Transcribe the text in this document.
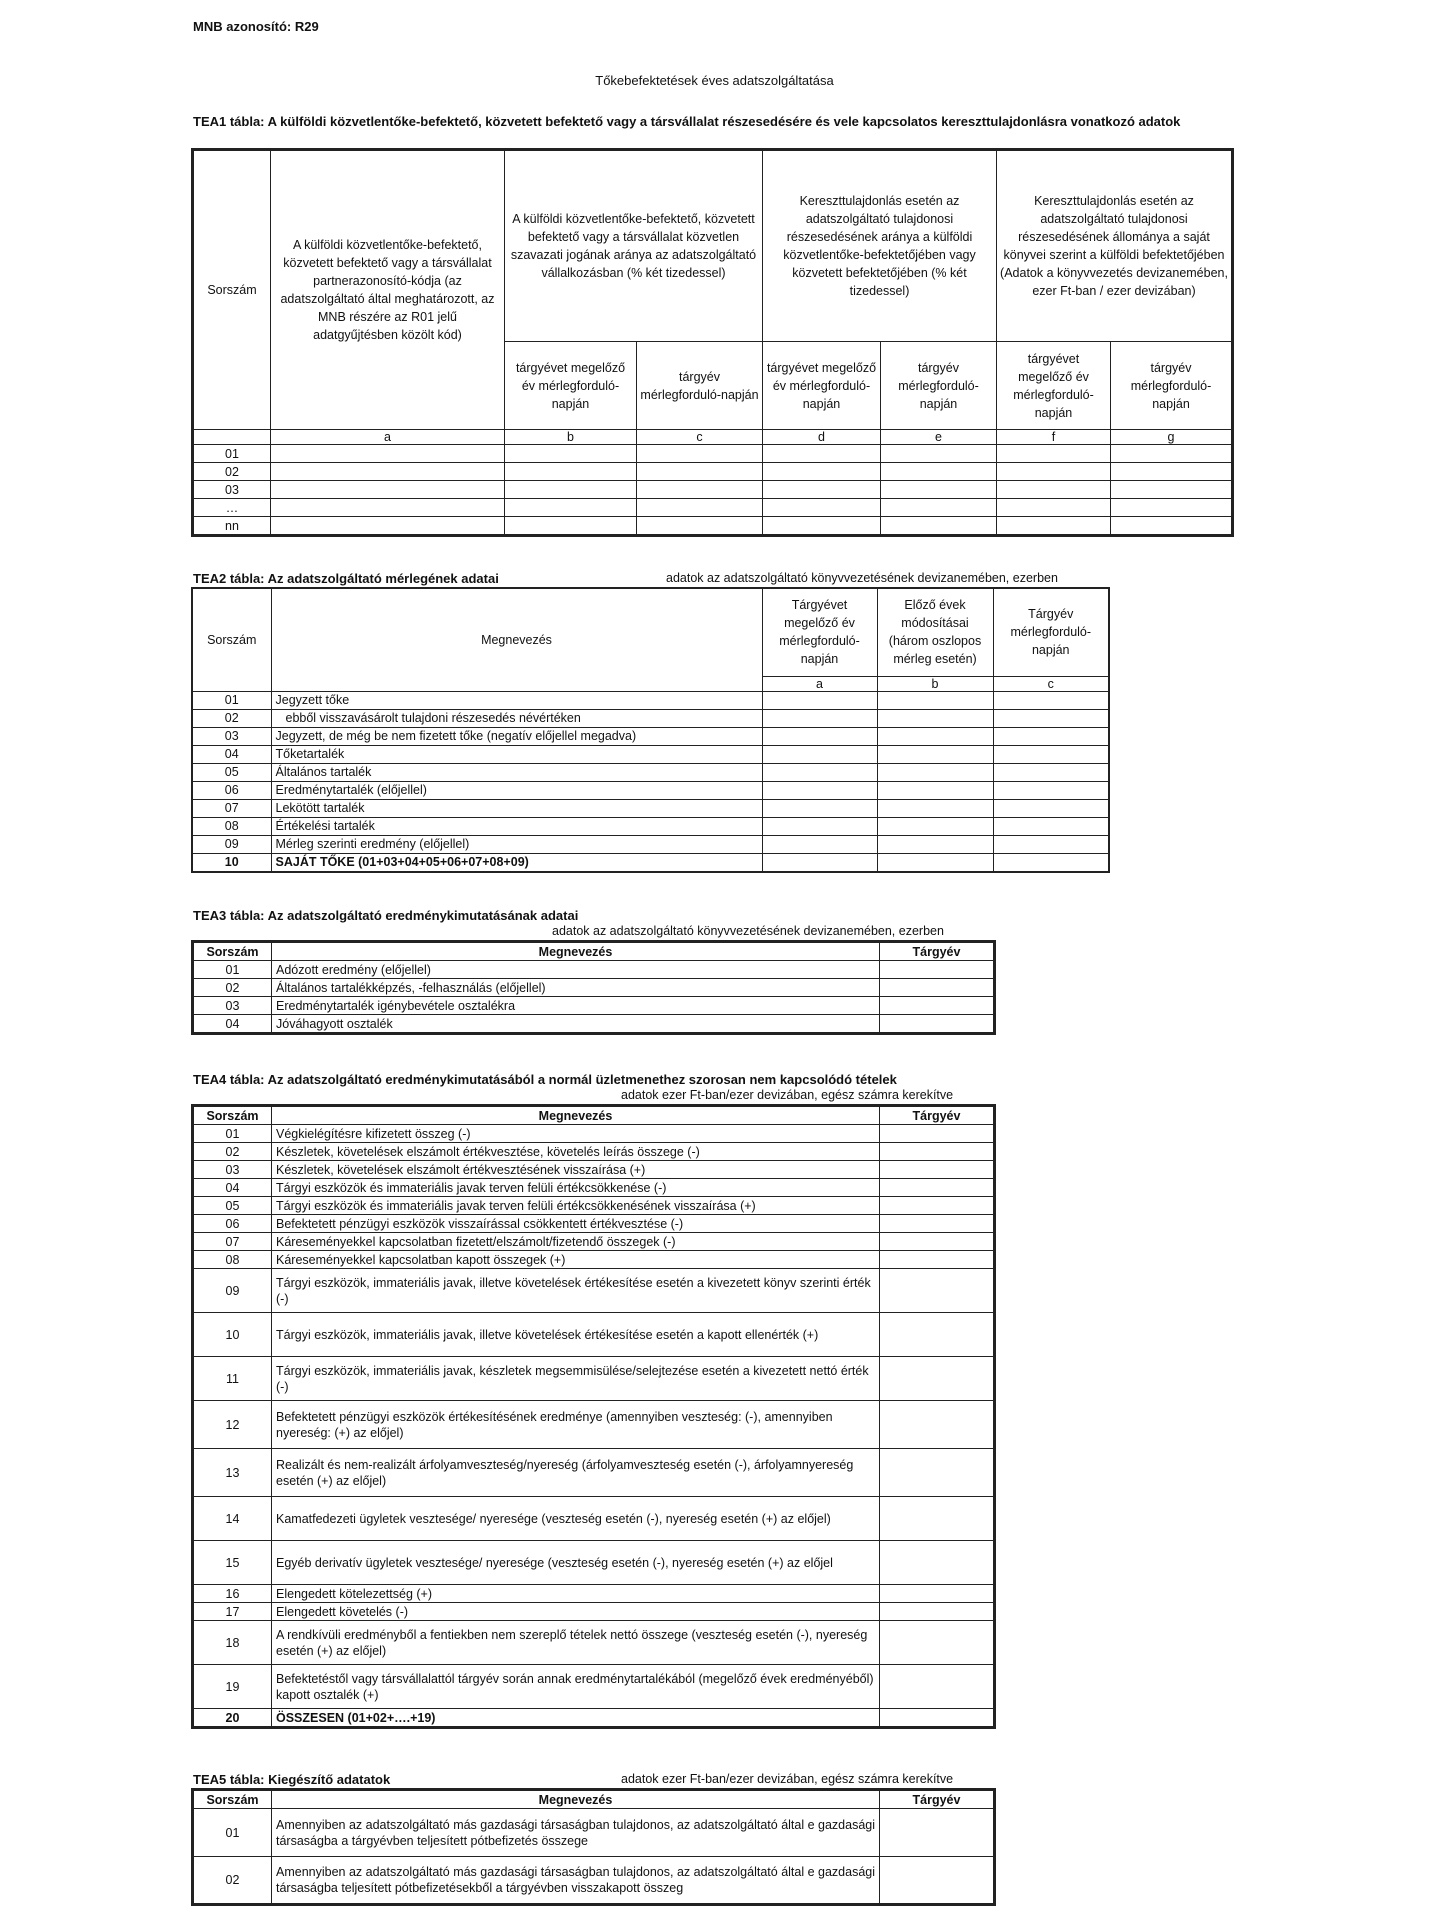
MNB azonosító: R29
Tőkebefektetések éves adatszolgáltatása
TEA1 tábla: A külföldi közvetlentőke-befektető, közvetett befektető vagy a társvállalat részesedésére és vele kapcsolatos kereszttulajdonlásra vonatkozó adatok
Sorszám	A külföldi közvetlentőke-befektető, közvetett befektető vagy a társvállalat partnerazonosító-kódja (az adatszolgáltató által meghatározott, az MNB részére az R01 jelű adatgyűjtésben közölt kód)	A külföldi közvetlentőke-befektető, közvetett befektető vagy a társvállalat közvetlen szavazati jogának aránya az adatszolgáltató vállalkozásban (% két tizedessel)		Kereszttulajdonlás esetén az adatszolgáltató tulajdonosi részesedésének aránya a külföldi közvetlentőke-befektetőjében vagy közvetett befektetőjében (% két tizedessel)		Kereszttulajdonlás esetén az adatszolgáltató tulajdonosi részesedésének állománya a saját könyvei szerint a külföldi befektetőjében (Adatok a könyvvezetés devizanemében, ezer Ft-ban / ezer devizában)	
		tárgyévet megelőző év mérlegforduló-napján	tárgyév mérlegforduló-napján	tárgyévet megelőző év mérlegforduló-napján	tárgyév mérlegforduló-napján	tárgyévet megelőző év mérlegforduló-napján	tárgyév mérlegforduló-napján
	a	b	c	d	e	f	g
01							
02							
03							
…							
nn							
TEA2 tábla: Az adatszolgáltató mérlegének adatai	adatok az adatszolgáltató könyvvezetésének devizanemében, ezerben
Sorszám	Megnevezés	Tárgyévet megelőző év mérlegforduló-napján	Előző évek módosításai (három oszlopos mérleg esetén)	Tárgyév mérlegforduló-napján
		a	b	c
01	Jegyzett tőke			
02	ebből visszavásárolt tulajdoni részesedés névértéken			
03	Jegyzett, de még be nem fizetett tőke (negatív előjellel megadva)			
04	Tőketartalék			
05	Általános tartalék			
06	Eredménytartalék (előjellel)			
07	Lekötött tartalék			
08	Értékelési tartalék			
09	Mérleg szerinti eredmény (előjellel)			
10	SAJÁT TŐKE (01+03+04+05+06+07+08+09)			
TEA3 tábla: Az adatszolgáltató eredménykimutatásának adatai
adatok az adatszolgáltató könyvvezetésének devizanemében, ezerben
Sorszám	Megnevezés	Tárgyév
01	Adózott eredmény (előjellel)	
02	Általános tartalékképzés, -felhasználás (előjellel)	
03	Eredménytartalék igénybevétele osztalékra	
04	Jóváhagyott osztalék	
TEA4 tábla: Az adatszolgáltató eredménykimutatásából a normál üzletmenethez szorosan nem kapcsolódó tételek
adatok ezer Ft-ban/ezer devizában, egész számra kerekítve
Sorszám	Megnevezés	Tárgyév
01	Végkielégítésre kifizetett összeg (-)	
02	Készletek, követelések elszámolt értékvesztése, követelés leírás összege (-)	
03	Készletek, követelések elszámolt értékvesztésének visszaírása (+)	
04	Tárgyi eszközök és immateriális javak terven felüli értékcsökkenése (-)	
05	Tárgyi eszközök és immateriális javak terven felüli értékcsökkenésének visszaírása (+)	
06	Befektetett pénzügyi eszközök visszaírással csökkentett értékvesztése (-)	
07	Káreseményekkel kapcsolatban fizetett/elszámolt/fizetendő összegek (-)	
08	Káreseményekkel kapcsolatban kapott összegek (+)	
09	Tárgyi eszközök, immateriális javak, illetve követelések értékesítése esetén a kivezetett könyv szerinti érték (-)	
10	Tárgyi eszközök, immateriális javak, illetve követelések értékesítése esetén a kapott ellenérték (+)	
11	Tárgyi eszközök, immateriális javak, készletek megsemmisülése/selejtezése esetén a kivezetett nettó érték (-)	
12	Befektetett pénzügyi eszközök értékesítésének eredménye (amennyiben veszteség: (-), amennyiben nyereség: (+) az előjel)	
13	Realizált és nem-realizált árfolyamveszteség/nyereség (árfolyamveszteség esetén (-), árfolyamnyereség esetén (+) az előjel)	
14	Kamatfedezeti ügyletek vesztesége/ nyeresége (veszteség esetén (-), nyereség esetén (+) az előjel)	
15	Egyéb derivatív ügyletek vesztesége/ nyeresége (veszteség esetén (-), nyereség esetén (+) az előjel	
16	Elengedett kötelezettség (+)	
17	Elengedett követelés (-)	
18	A rendkívüli eredményből a fentiekben nem szereplő tételek nettó összege (veszteség esetén (-), nyereség esetén (+) az előjel)	
19	Befektetéstől vagy társvállalattól tárgyév során annak eredménytartalékából (megelőző évek eredményéből) kapott osztalék (+)	
20	ÖSSZESEN (01+02+….+19)	
TEA5 tábla: Kiegészítő adatatok	adatok ezer Ft-ban/ezer devizában, egész számra kerekítve
Sorszám	Megnevezés	Tárgyév
01	Amennyiben az adatszolgáltató más gazdasági társaságban tulajdonos, az adatszolgáltató által e gazdasági társaságba a tárgyévben teljesített pótbefizetés összege	
02	Amennyiben az adatszolgáltató más gazdasági társaságban tulajdonos, az adatszolgáltató által e gazdasági társaságba teljesített pótbefizetésekből a tárgyévben visszakapott összeg	
